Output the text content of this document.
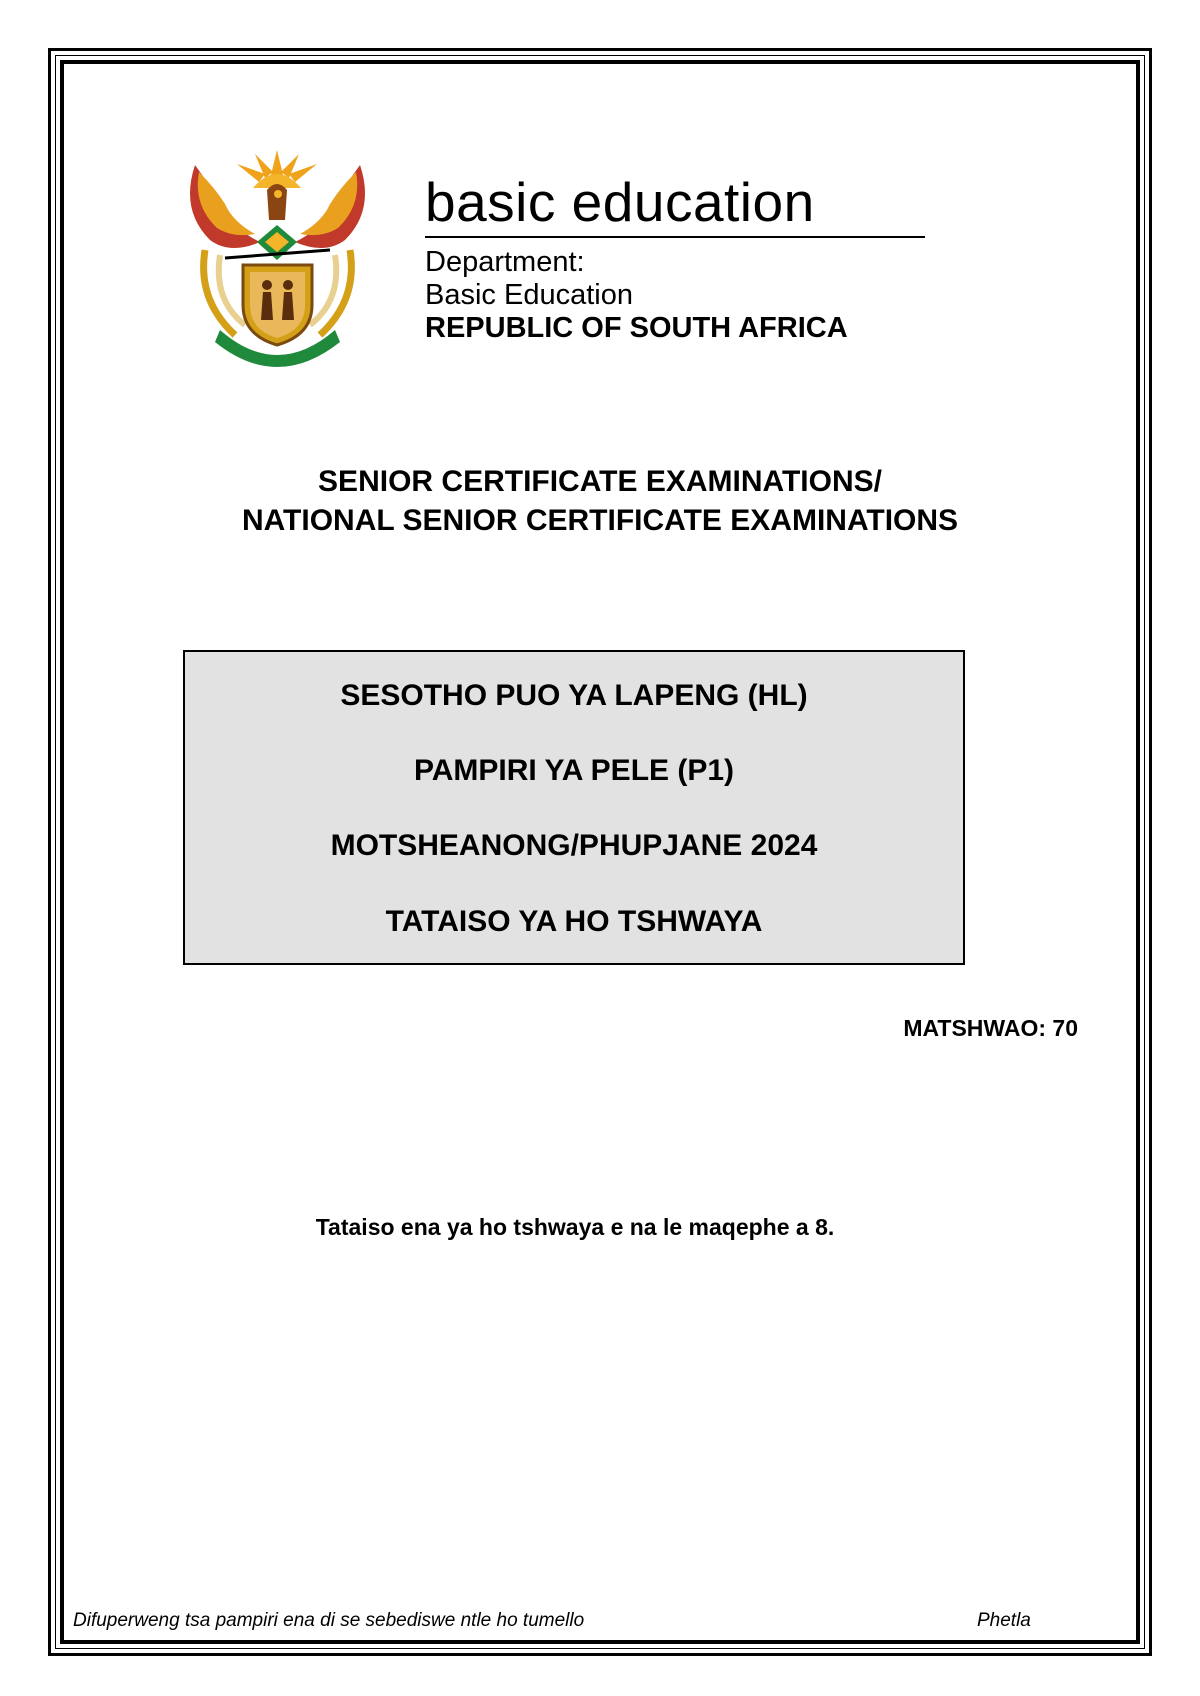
basic education
Department:
Basic Education
REPUBLIC OF SOUTH AFRICA
SENIOR CERTIFICATE EXAMINATIONS/
NATIONAL SENIOR CERTIFICATE EXAMINATIONS
SESOTHO PUO YA LAPENG (HL)
PAMPIRI YA PELE (P1)
MOTSHEANONG/PHUPJANE 2024
TATAISO YA HO TSHWAYA
MATSHWAO: 70
Tataiso ena ya ho tshwaya e na le maqephe a 8.
Difuperweng tsa pampiri ena di se sebediswe ntle ho tumello	Phetla
